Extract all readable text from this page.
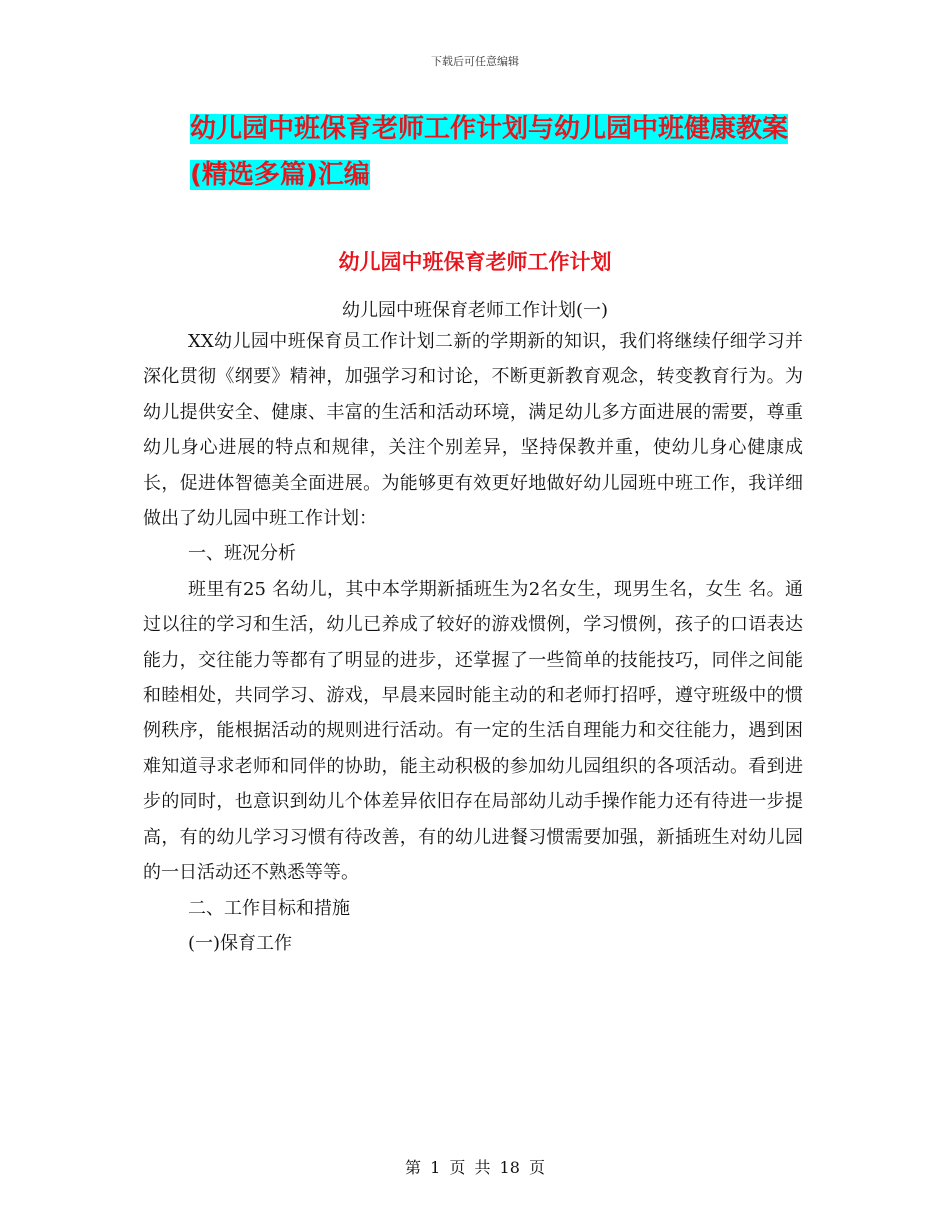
下载后可任意编辑
幼儿园中班保育老师工作计划与幼儿园中班健康教案
(精选多篇)汇编
幼儿园中班保育老师工作计划
幼儿园中班保育老师工作计划(一)

XX幼儿园中班保育员工作计划二新的学期新的知识，我们将继续仔细学习并深化贯彻《纲要》精神，加强学习和讨论，不断更新教育观念，转变教育行为。为幼儿提供安全、健康、丰富的生活和活动环境，满足幼儿多方面进展的需要，尊重幼儿身心进展的特点和规律，关注个别差异，坚持保教并重，使幼儿身心健康成长，促进体智德美全面进展。为能够更有效更好地做好幼儿园班中班工作，我详细做出了幼儿园中班工作计划：

一、班况分析

班里有25 名幼儿，其中本学期新插班生为2名女生，现男生名，女生 名。通过以往的学习和生活，幼儿已养成了较好的游戏惯例，学习惯例，孩子的口语表达能力，交往能力等都有了明显的进步，还掌握了一些简单的技能技巧，同伴之间能和睦相处，共同学习、游戏，早晨来园时能主动的和老师打招呼，遵守班级中的惯例秩序，能根据活动的规则进行活动。有一定的生活自理能力和交往能力，遇到困难知道寻求老师和同伴的协助，能主动积极的参加幼儿园组织的各项活动。看到进步的同时，也意识到幼儿个体差异依旧存在局部幼儿动手操作能力还有待进一步提高，有的幼儿学习习惯有待改善，有的幼儿进餐习惯需要加强，新插班生对幼儿园的一日活动还不熟悉等等。

二、工作目标和措施

(一)保育工作

第 1 页 共 18 页
